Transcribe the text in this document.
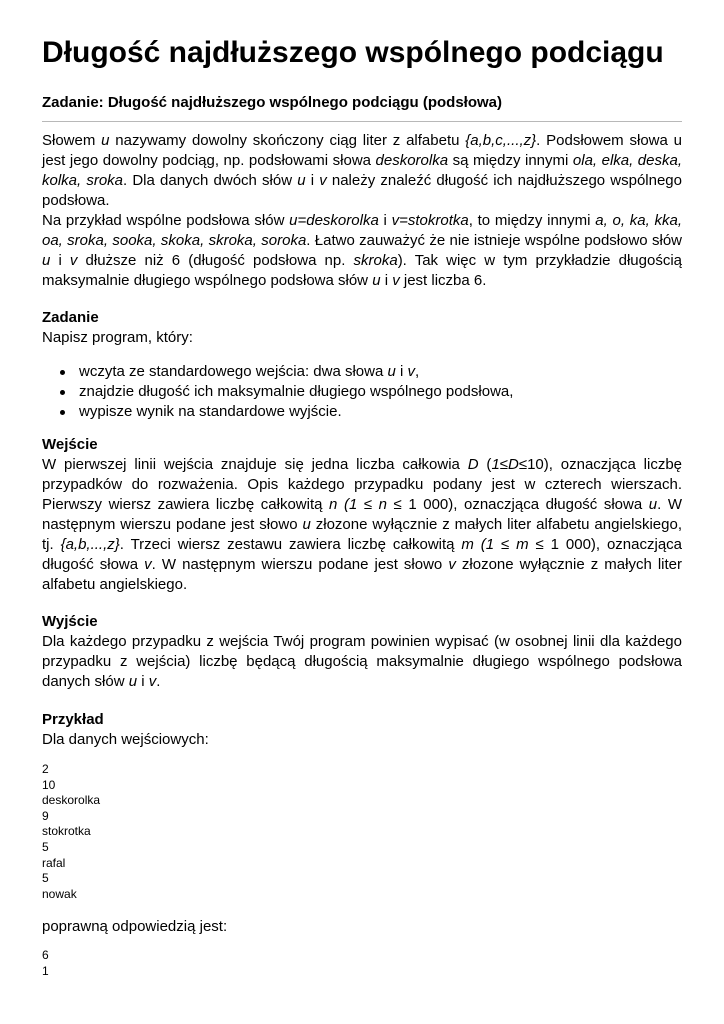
Długość najdłuższego wspólnego podciągu
Zadanie: Długość najdłuższego wspólnego podciągu (podsłowa)
Słowem u nazywamy dowolny skończony ciąg liter z alfabetu {a,b,c,...,z}. Podsłowem słowa u
jest jego dowolny podciąg, np. podsłowami słowa deskorolka są między innymi ola, elka, deska,
kolka, sroka. Dla danych dwóch słów u i v należy znaleźć długość ich najdłuższego wspólnego
podsłowa.
Na przykład wspólne podsłowa słów u=deskorolka i v=stokrotka, to między innymi a, o, ka, kka,
oa, sroka, sooka, skoka, skroka, soroka. Łatwo zauważyć że nie istnieje wspólne podsłowo słów
u i v dłuższe niż 6 (długość podsłowa np. skroka). Tak więc w tym przykładzie długością
maksymalnie długiego wspólnego podsłowa słów u i v jest liczba 6.
Zadanie
Napisz program, który:
wczyta ze standardowego wejścia: dwa słowa u i v,
znajdzie długość ich maksymalnie długiego wspólnego podsłowa,
wypisze wynik na standardowe wyjście.
Wejście
W pierwszej linii wejścia znajduje się jedna liczba całkowia D (1≤D≤10), oznaczjąca liczbę
przypadków do rozważenia. Opis każdego przypadku podany jest w czterech wierszach.
Pierwszy wiersz zawiera liczbę całkowitą n (1 ≤ n ≤ 1 000), oznaczjąca długość słowa u. W
następnym wierszu podane jest słowo u złozone wyłącznie z małych liter alfabetu angielskiego,
tj. {a,b,...,z}. Trzeci wiersz zestawu zawiera liczbę całkowitą m (1 ≤ m ≤ 1 000), oznaczjąca
długość słowa v. W następnym wierszu podane jest słowo v złozone wyłącznie z małych liter
alfabetu angielskiego.
Wyjście
Dla każdego przypadku z wejścia Twój program powinien wypisać (w osobnej linii dla każdego
przypadku z wejścia) liczbę będącą długością maksymalnie długiego wspólnego podsłowa
danych słów u i v.
Przykład
Dla danych wejściowych:
2
10
deskorolka
9
stokrotka
5
rafal
5
nowak
poprawną odpowiedzią jest:
6
1
